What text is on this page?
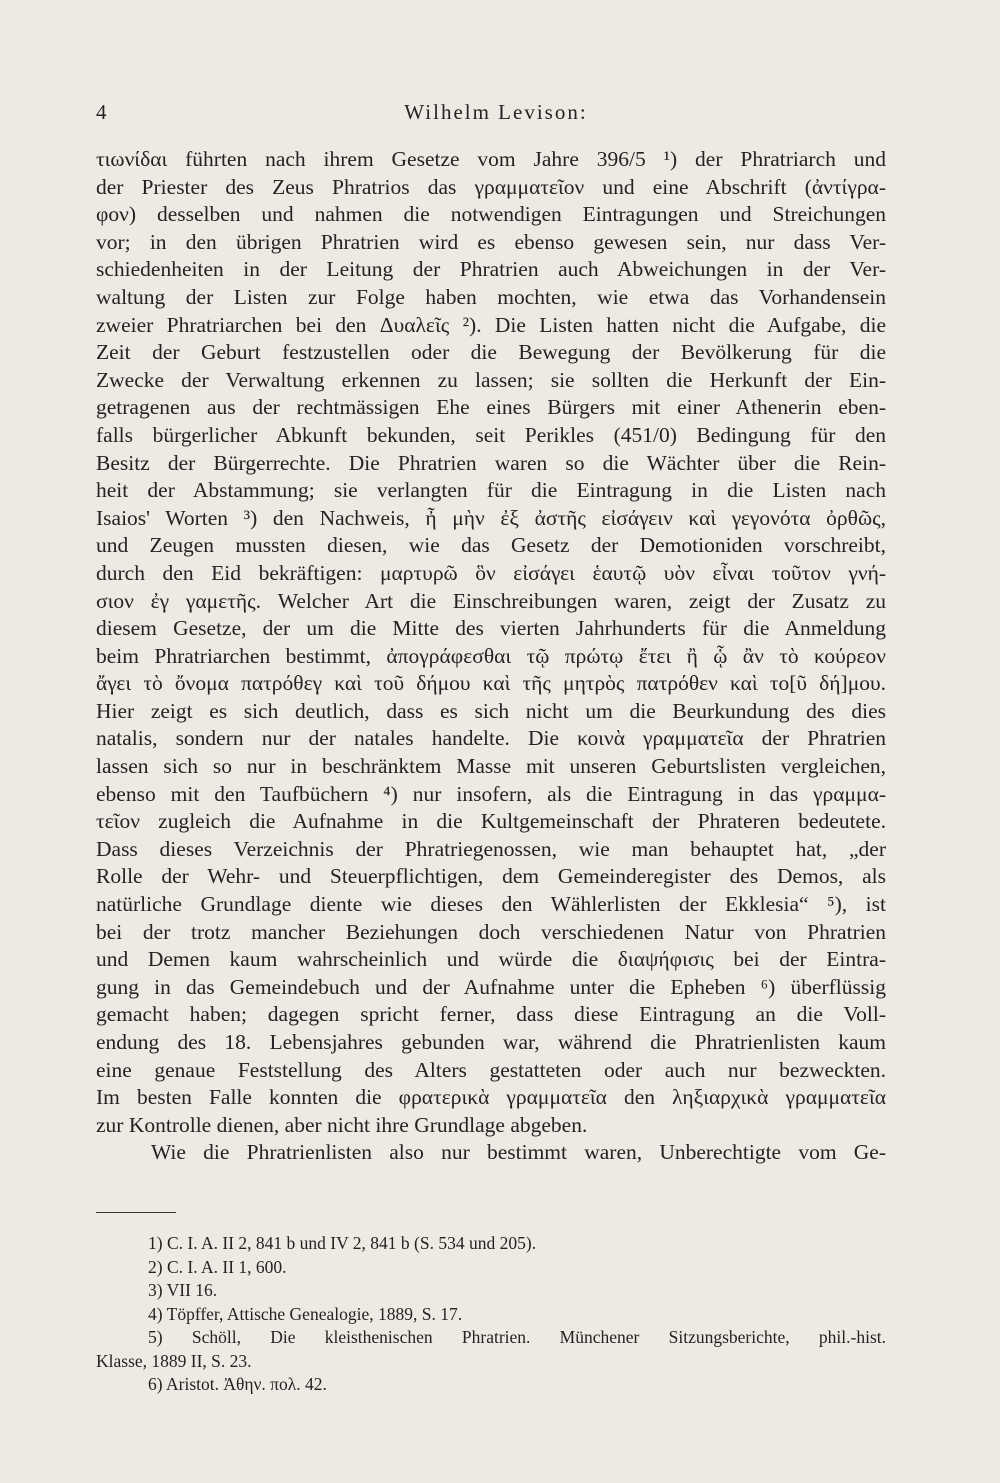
4	Wilhelm Levison:
τιωνίδαι führten nach ihrem Gesetze vom Jahre 396/5 ¹) der Phratriarch und
der Priester des Zeus Phratrios das γραμματεῖον und eine Abschrift (ἀντίγρα-
φον) desselben und nahmen die notwendigen Eintragungen und Streichungen
vor; in den übrigen Phratrien wird es ebenso gewesen sein, nur dass Ver-
schiedenheiten in der Leitung der Phratrien auch Abweichungen in der Ver-
waltung der Listen zur Folge haben mochten, wie etwa das Vorhandensein
zweier Phratriarchen bei den Δυαλεῖς ²). Die Listen hatten nicht die Aufgabe, die
Zeit der Geburt festzustellen oder die Bewegung der Bevölkerung für die
Zwecke der Verwaltung erkennen zu lassen; sie sollten die Herkunft der Ein-
getragenen aus der rechtmässigen Ehe eines Bürgers mit einer Athenerin eben-
falls bürgerlicher Abkunft bekunden, seit Perikles (451/0) Bedingung für den
Besitz der Bürgerrechte. Die Phratrien waren so die Wächter über die Rein-
heit der Abstammung; sie verlangten für die Eintragung in die Listen nach
Isaios' Worten ³) den Nachweis, ἦ μὴν ἐξ ἀστῆς εἰσάγειν καὶ γεγονότα ὀρθῶς,
und Zeugen mussten diesen, wie das Gesetz der Demotioniden vorschreibt,
durch den Eid bekräftigen: μαρτυρῶ ὃν εἰσάγει ἑαυτῷ υὸν εἶναι τοῦτον γνή-
σιον ἐγ γαμετῆς. Welcher Art die Einschreibungen waren, zeigt der Zusatz zu
diesem Gesetze, der um die Mitte des vierten Jahrhunderts für die Anmeldung
beim Phratriarchen bestimmt, ἀπογράφεσθαι τῷ πρώτῳ ἔτει ἢ ᾧ ἂν τὸ κούρεον
ἄγει τὸ ὄνομα πατρόθεγ καὶ τοῦ δήμου καὶ τῆς μητρὸς πατρόθεν καὶ το[ῦ δή]μου.
Hier zeigt es sich deutlich, dass es sich nicht um die Beurkundung des dies
natalis, sondern nur der natales handelte. Die κοινὰ γραμματεῖα der Phratrien
lassen sich so nur in beschränktem Masse mit unseren Geburtslisten vergleichen,
ebenso mit den Taufbüchern ⁴) nur insofern, als die Eintragung in das γραμμα-
τεῖον zugleich die Aufnahme in die Kultgemeinschaft der Phrateren bedeutete.
Dass dieses Verzeichnis der Phratriegenossen, wie man behauptet hat, „der
Rolle der Wehr- und Steuerpflichtigen, dem Gemeinderegister des Demos, als
natürliche Grundlage diente wie dieses den Wählerlisten der Ekklesia“ ⁵), ist
bei der trotz mancher Beziehungen doch verschiedenen Natur von Phratrien
und Demen kaum wahrscheinlich und würde die διαψήφισις bei der Eintra-
gung in das Gemeindebuch und der Aufnahme unter die Epheben ⁶) überflüssig
gemacht haben; dagegen spricht ferner, dass diese Eintragung an die Voll-
endung des 18. Lebensjahres gebunden war, während die Phratrienlisten kaum
eine genaue Feststellung des Alters gestatteten oder auch nur bezweckten.
Im besten Falle konnten die φρατερικὰ γραμματεῖα den ληξιαρχικὰ γραμματεῖα
zur Kontrolle dienen, aber nicht ihre Grundlage abgeben.
Wie die Phratrienlisten also nur bestimmt waren, Unberechtigte vom Ge-
1) C. I. A. II 2, 841 b und IV 2, 841 b (S. 534 und 205).
2) C. I. A. II 1, 600.
3) VII 16.
4) Töpffer, Attische Genealogie, 1889, S. 17.
5) Schöll, Die kleisthenischen Phratrien. Münchener Sitzungsberichte, phil.-hist.
Klasse, 1889 II, S. 23.
6) Aristot. Ἀθην. πολ. 42.
